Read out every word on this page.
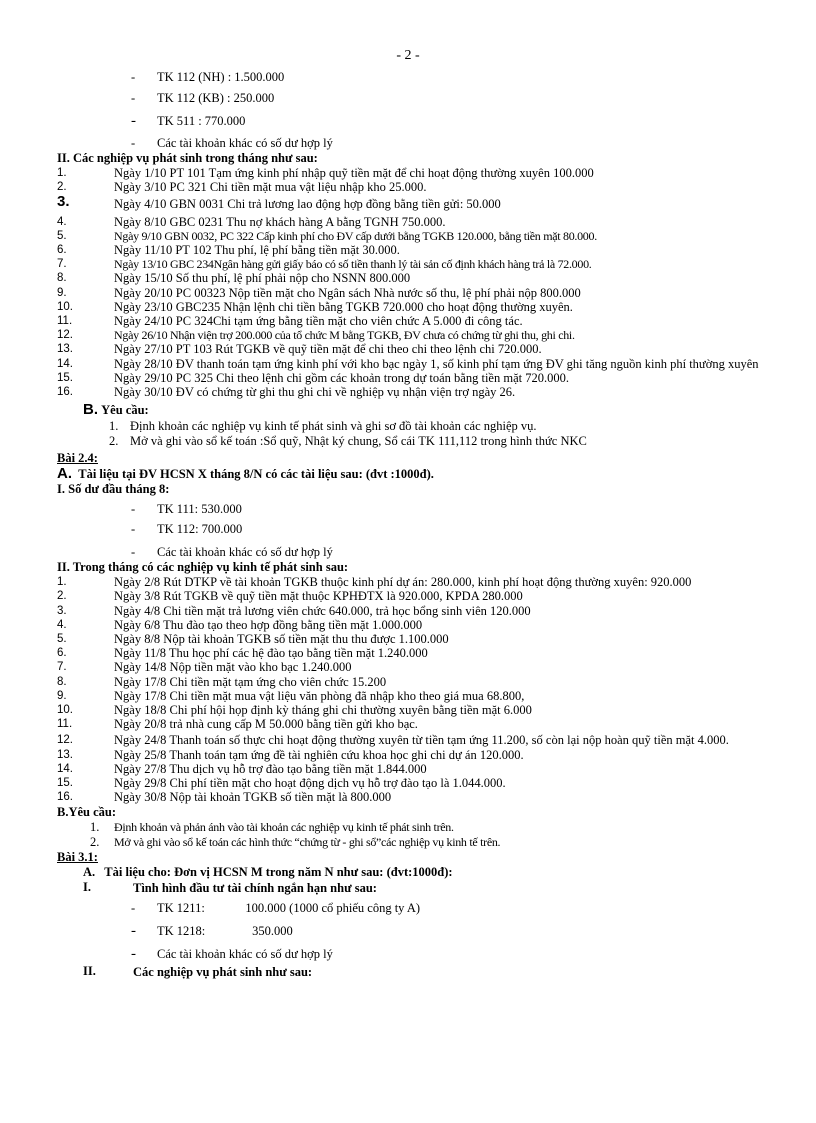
- 2 -
- TK 112 (NH) : 1.500.000
- TK 112 (KB) : 250.000
- TK 511 : 770.000
- Các tài khoản khác có số dư hợp lý
II. Các nghiệp vụ phát sinh trong tháng như sau:
1.	Ngày 1/10 PT 101 Tạm ứng kinh phí nhập quỹ tiền mặt để chi hoạt động thường xuyên 100.000
2.	Ngày 3/10 PC 321 Chi tiền mặt mua vật liệu nhập kho 25.000.
3.	Ngày 4/10 GBN 0031 Chi trả lương lao động hợp đồng bằng tiền gửi: 50.000
4.	Ngày 8/10 GBC 0231 Thu nợ khách hàng A bằng TGNH 750.000.
5.	Ngày 9/10 GBN 0032, PC 322 Cấp kinh phí cho ĐV cấp dưới bằng TGKB 120.000, bằng tiền mặt 80.000.
6.	Ngày 11/10 PT 102 Thu phí, lệ phí bằng tiền mặt 30.000.
7.	Ngày 13/10 GBC 234Ngân hàng gửi giấy báo có số tiền thanh lý tài sản cố định khách hàng trả là 72.000.
8.	Ngày 15/10 Số thu phí, lệ phí phải nộp cho NSNN 800.000
9.	Ngày 20/10 PC 00323 Nộp tiền mặt cho Ngân sách Nhà nước số thu, lệ phí phải nộp 800.000
10.	Ngày 23/10 GBC235 Nhận lệnh chi tiền bằng TGKB 720.000 cho hoạt động thường xuyên.
11.	Ngày 24/10 PC 324Chi tạm ứng bằng tiền mặt cho viên chức A 5.000 đi công tác.
12.	Ngày 26/10 Nhận viện trợ 200.000 của tổ chức M bằng TGKB, ĐV chưa có chứng từ ghi thu, ghi chi.
13.	Ngày 27/10 PT 103 Rút TGKB về quỹ tiền mặt để chi theo chi theo lệnh chi 720.000.
14.	Ngày 28/10 ĐV thanh toán tạm ứng kinh phí với kho bạc ngày 1, số kinh phí tạm ứng ĐV ghi tăng nguồn kinh phí thường xuyên
15.	Ngày 29/10 PC 325 Chi theo lệnh chi gồm các khoản trong dự toán bằng tiền mặt 720.000.
16.	Ngày 30/10 ĐV có chứng từ ghi thu ghi chi về nghiệp vụ nhận viện trợ ngày 26.
B. Yêu cầu:
1. Định khoản các nghiệp vụ kinh tế phát sinh và ghi sơ đồ tài khoản các nghiệp vụ.
2. Mở và ghi vào sổ kế toán :Sổ quỹ, Nhật ký chung, Sổ cái TK 111,112 trong hình thức NKC
Bài 2.4:
A. Tài liệu tại ĐV HCSN X tháng 8/N có các tài liệu sau: (đvt :1000đ).
I. Số dư đầu tháng 8:
- TK 111: 530.000
- TK 112: 700.000
- Các tài khoản khác có số dư hợp lý
II. Trong tháng có các nghiệp vụ kinh tế phát sinh sau:
1.	Ngày 2/8 Rút DTKP về tài khoản TGKB thuộc kinh phí dự án: 280.000, kinh phí hoạt động thường xuyên: 920.000
2.	Ngày 3/8 Rút TGKB về quỹ tiền mặt thuộc KPHĐTX là 920.000, KPDA 280.000
3.	Ngày 4/8 Chi tiền mặt trả lương viên chức 640.000, trả học bổng sinh viên 120.000
4.	Ngày 6/8 Thu đào tạo theo hợp đồng bằng tiền mặt 1.000.000
5.	Ngày 8/8 Nộp tài khoản TGKB số tiền mặt thu thu được 1.100.000
6.	Ngày 11/8 Thu học phí các hệ đào tạo bằng tiền mặt 1.240.000
7.	Ngày 14/8 Nộp tiền mặt vào kho bạc 1.240.000
8.	Ngày 17/8 Chi tiền mặt tạm ứng cho viên chức 15.200
9.	Ngày 17/8 Chi tiền mặt mua vật liệu văn phòng đã nhập kho theo giá mua 68.800,
10.	Ngày 18/8 Chi phí hội họp định kỳ tháng ghi chi thường xuyên bằng tiền mặt 6.000
11.	Ngày 20/8 trả nhà cung cấp M 50.000 bằng tiền gửi kho bạc.
12.	Ngày 24/8 Thanh toán số thực chi hoạt động thường xuyên từ tiền tạm ứng 11.200, số còn lại nộp hoàn quỹ tiền mặt 4.000.
13.	Ngày 25/8 Thanh toán tạm ứng đề tài nghiên cứu khoa học ghi chi dự án 120.000.
14.	Ngày 27/8 Thu dịch vụ hỗ trợ đào tạo bằng tiền mặt 1.844.000
15.	Ngày 29/8 Chi phí tiền mặt cho hoạt động dịch vụ hỗ trợ đào tạo là 1.044.000.
16.	Ngày 30/8 Nộp tài khoản TGKB số tiền mặt là 800.000
B.Yêu cầu:
1. Định khoản và phản ánh vào tài khoản các nghiệp vụ kinh tế phát sinh trên.
2. Mở và ghi vào sổ kế toán các hình thức “chứng từ - ghi sổ”các nghiệp vụ kinh tế trên.
Bài 3.1:
A.   Tài liệu cho: Đơn vị HCSN M trong năm N như sau: (đvt:1000đ):
I.	Tình hình đầu tư tài chính ngắn hạn như sau:
- TK 1211:             100.000 (1000 cổ phiếu công ty A)
- TK 1218:               350.000
- Các tài khoản khác có số dư hợp lý
II.	Các nghiệp vụ phát sinh như sau:
